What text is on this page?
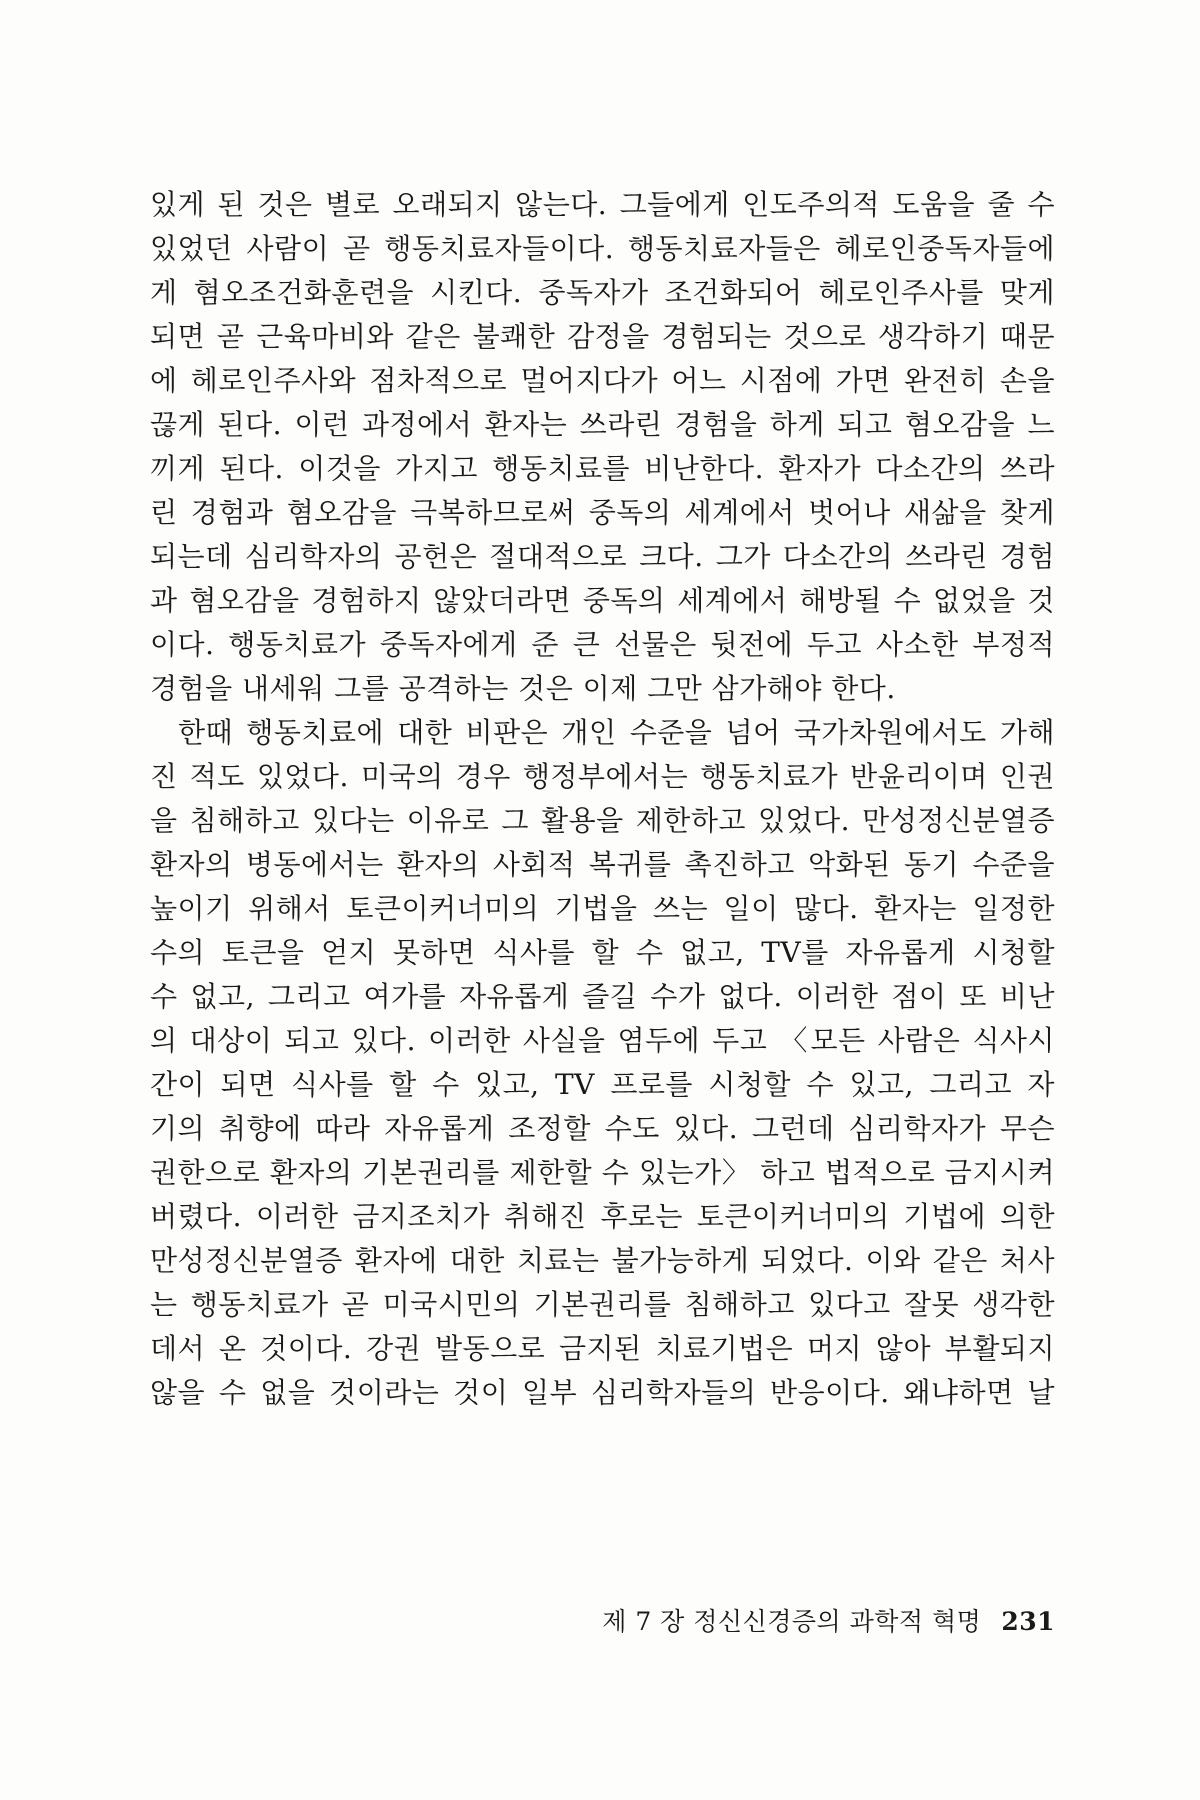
있게 된 것은 별로 오래되지 않는다. 그들에게 인도주의적 도움을 줄 수
있었던 사람이 곧 행동치료자들이다. 행동치료자들은 헤로인중독자들에
게 혐오조건화훈련을 시킨다. 중독자가 조건화되어 헤로인주사를 맞게
되면 곧 근육마비와 같은 불쾌한 감정을 경험되는 것으로 생각하기 때문
에 헤로인주사와 점차적으로 멀어지다가 어느 시점에 가면 완전히 손을
끊게 된다. 이런 과정에서 환자는 쓰라린 경험을 하게 되고 혐오감을 느
끼게 된다. 이것을 가지고 행동치료를 비난한다. 환자가 다소간의 쓰라
린 경험과 혐오감을 극복하므로써 중독의 세계에서 벗어나 새삶을 찾게
되는데 심리학자의 공헌은 절대적으로 크다. 그가 다소간의 쓰라린 경험
과 혐오감을 경험하지 않았더라면 중독의 세계에서 해방될 수 없었을 것
이다. 행동치료가 중독자에게 준 큰 선물은 뒷전에 두고 사소한 부정적
경험을 내세워 그를 공격하는 것은 이제 그만 삼가해야 한다.
한때 행동치료에 대한 비판은 개인 수준을 넘어 국가차원에서도 가해
진 적도 있었다. 미국의 경우 행정부에서는 행동치료가 반윤리이며 인권
을 침해하고 있다는 이유로 그 활용을 제한하고 있었다. 만성정신분열증
환자의 병동에서는 환자의 사회적 복귀를 촉진하고 악화된 동기 수준을
높이기 위해서 토큰이커너미의 기법을 쓰는 일이 많다. 환자는 일정한
수의 토큰을 얻지 못하면 식사를 할 수 없고, TV를 자유롭게 시청할
수 없고, 그리고 여가를 자유롭게 즐길 수가 없다. 이러한 점이 또 비난
의 대상이 되고 있다. 이러한 사실을 염두에 두고 〈모든 사람은 식사시
간이 되면 식사를 할 수 있고, TV 프로를 시청할 수 있고, 그리고 자
기의 취향에 따라 자유롭게 조정할 수도 있다. 그런데 심리학자가 무슨
권한으로 환자의 기본권리를 제한할 수 있는가〉 하고 법적으로 금지시켜
버렸다. 이러한 금지조치가 취해진 후로는 토큰이커너미의 기법에 의한
만성정신분열증 환자에 대한 치료는 불가능하게 되었다. 이와 같은 처사
는 행동치료가 곧 미국시민의 기본권리를 침해하고 있다고 잘못 생각한
데서 온 것이다. 강권 발동으로 금지된 치료기법은 머지 않아 부활되지
않을 수 없을 것이라는 것이 일부 심리학자들의 반응이다. 왜냐하면 날
제 7 장 정신신경증의 과학적 혁명 231
